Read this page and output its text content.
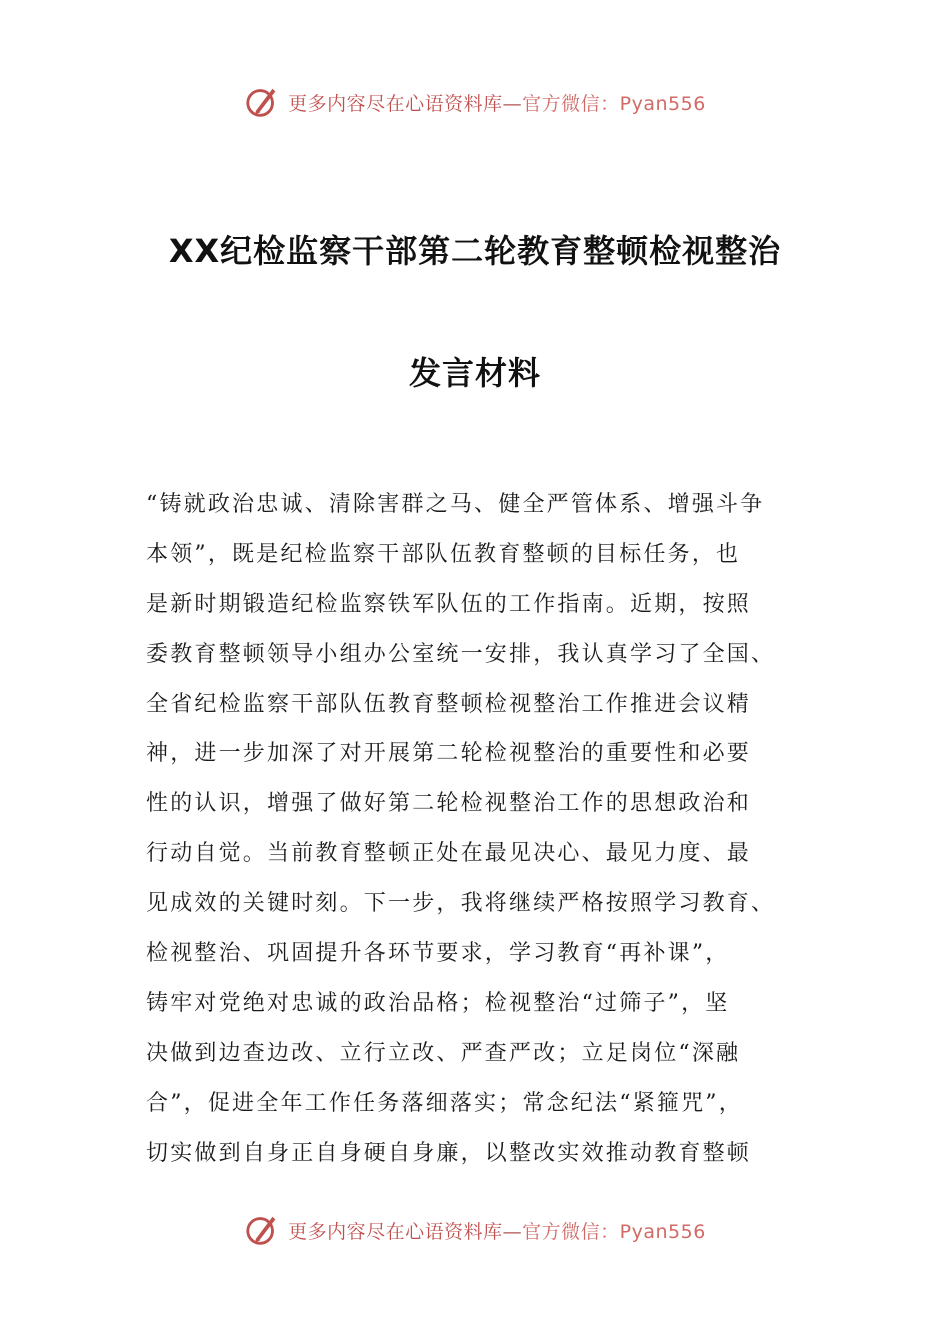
更多内容尽在心语资料库—官方微信：Pyan556
XX纪检监察干部第二轮教育整顿检视整治
发言材料
“铸就政治忠诚、清除害群之马、健全严管体系、增强斗争
本领”，既是纪检监察干部队伍教育整顿的目标任务，也
是新时期锻造纪检监察铁军队伍的工作指南。近期，按照
委教育整顿领导小组办公室统一安排，我认真学习了全国、
全省纪检监察干部队伍教育整顿检视整治工作推进会议精
神，进一步加深了对开展第二轮检视整治的重要性和必要
性的认识，增强了做好第二轮检视整治工作的思想政治和
行动自觉。当前教育整顿正处在最见决心、最见力度、最
见成效的关键时刻。下一步，我将继续严格按照学习教育、
检视整治、巩固提升各环节要求，学习教育“再补课”，
铸牢对党绝对忠诚的政治品格；检视整治“过筛子”，坚
决做到边查边改、立行立改、严查严改；立足岗位“深融
合”，促进全年工作任务落细落实；常念纪法“紧箍咒”，
切实做到自身正自身硬自身廉，以整改实效推动教育整顿
更多内容尽在心语资料库—官方微信：Pyan556
